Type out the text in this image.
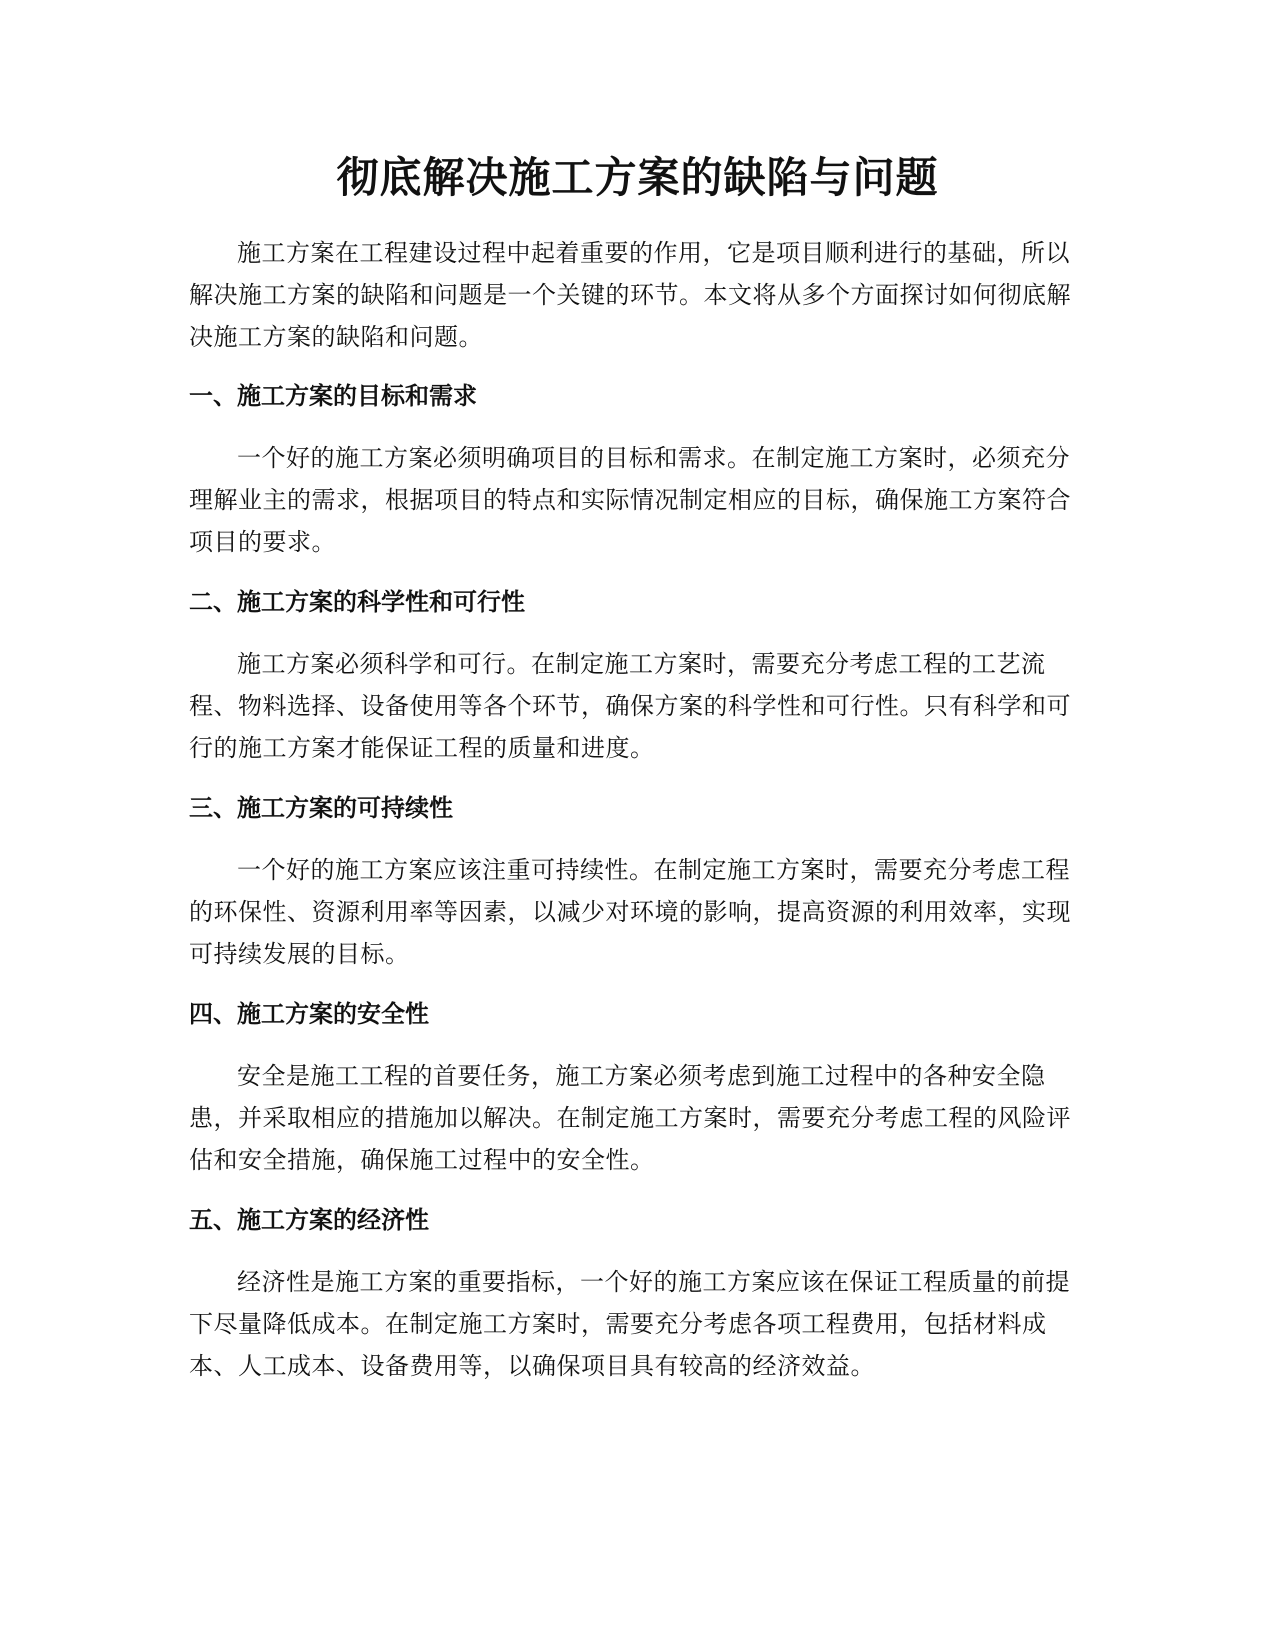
彻底解决施工方案的缺陷与问题

施工方案在工程建设过程中起着重要的作用，它是项目顺利进行的基础，所以解决施工方案的缺陷和问题是一个关键的环节。本文将从多个方面探讨如何彻底解决施工方案的缺陷和问题。

一、施工方案的目标和需求

一个好的施工方案必须明确项目的目标和需求。在制定施工方案时，必须充分理解业主的需求，根据项目的特点和实际情况制定相应的目标，确保施工方案符合项目的要求。

二、施工方案的科学性和可行性

施工方案必须科学和可行。在制定施工方案时，需要充分考虑工程的工艺流程、物料选择、设备使用等各个环节，确保方案的科学性和可行性。只有科学和可行的施工方案才能保证工程的质量和进度。

三、施工方案的可持续性

一个好的施工方案应该注重可持续性。在制定施工方案时，需要充分考虑工程的环保性、资源利用率等因素，以减少对环境的影响，提高资源的利用效率，实现可持续发展的目标。

四、施工方案的安全性

安全是施工工程的首要任务，施工方案必须考虑到施工过程中的各种安全隐患，并采取相应的措施加以解决。在制定施工方案时，需要充分考虑工程的风险评估和安全措施，确保施工过程中的安全性。

五、施工方案的经济性

经济性是施工方案的重要指标，一个好的施工方案应该在保证工程质量的前提下尽量降低成本。在制定施工方案时，需要充分考虑各项工程费用，包括材料成本、人工成本、设备费用等，以确保项目具有较高的经济效益。
